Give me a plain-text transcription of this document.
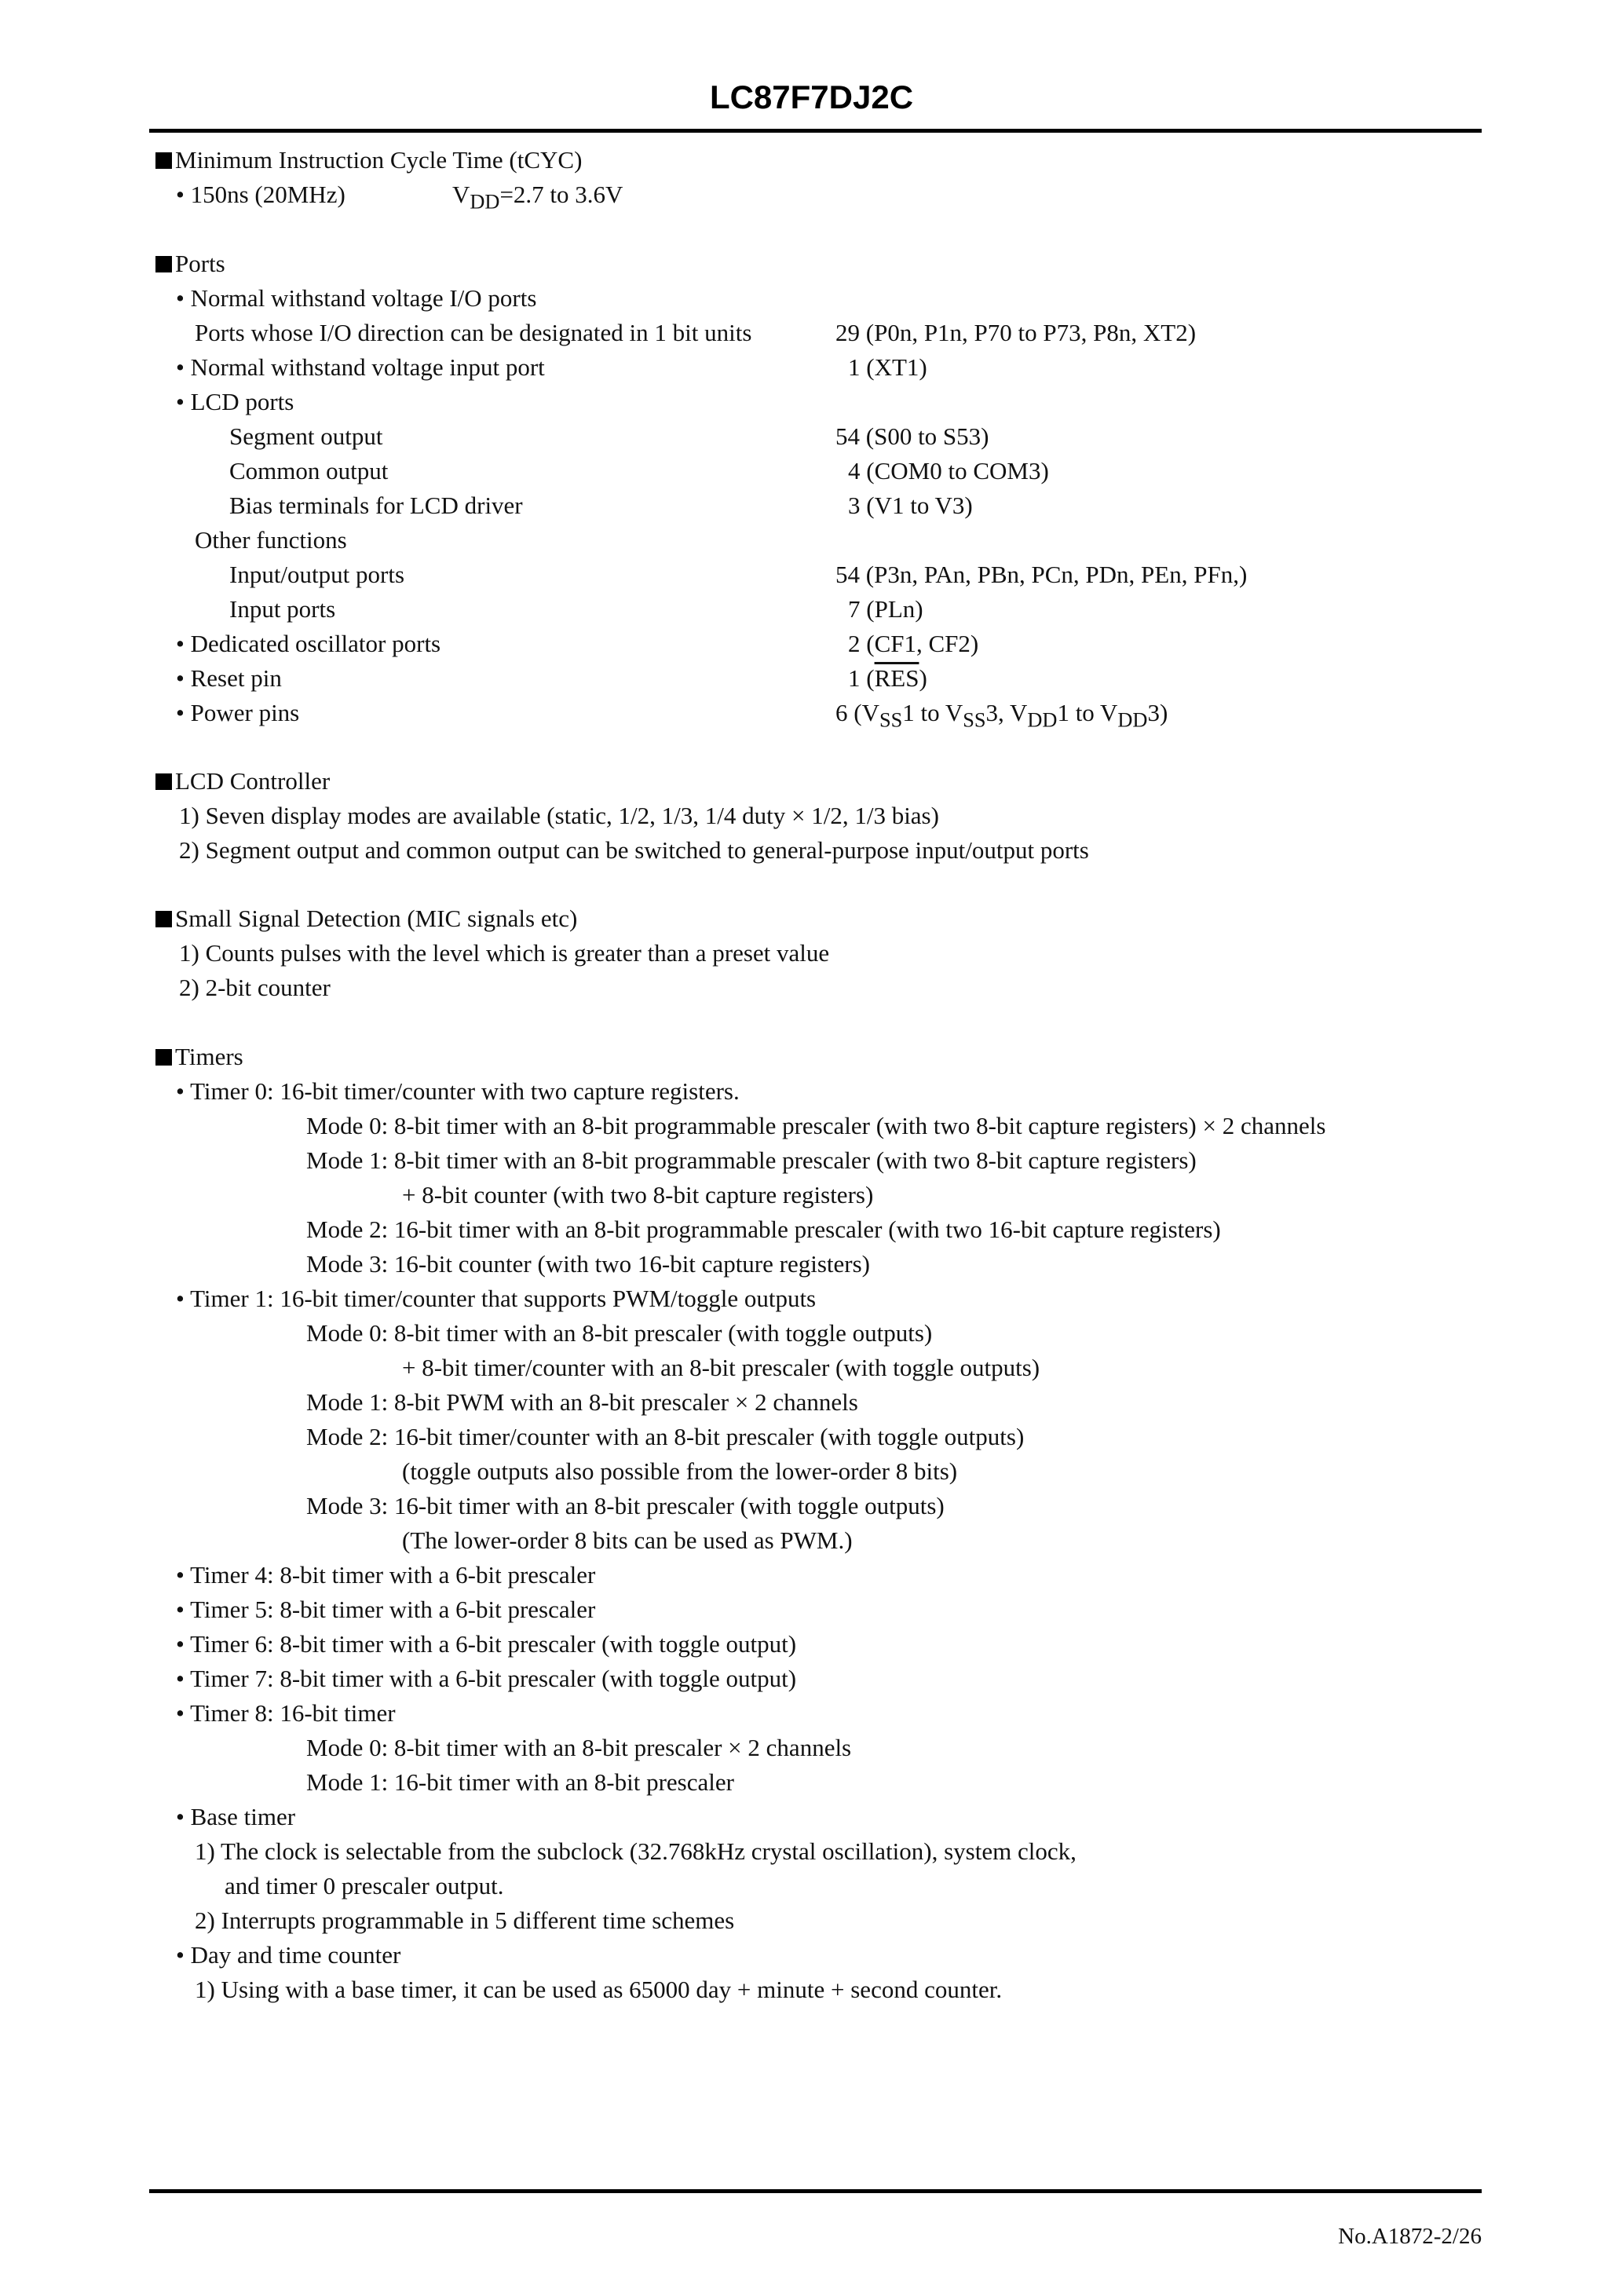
LC87F7DJ2C
Minimum Instruction Cycle Time (tCYC)
• 150ns (20MHz)	VDD=2.7 to 3.6V
Ports
• Normal withstand voltage I/O ports
Ports whose I/O direction can be designated in 1 bit units	29 (P0n, P1n, P70 to P73, P8n, XT2)
• Normal withstand voltage input port	1 (XT1)
• LCD ports
Segment output	54 (S00 to S53)
Common output	4 (COM0 to COM3)
Bias terminals for LCD driver	3 (V1 to V3)
Other functions
Input/output ports	54 (P3n, PAn, PBn, PCn, PDn, PEn, PFn,)
Input ports	7 (PLn)
• Dedicated oscillator ports	2 (CF1, CF2)
• Reset pin	1 $(\overline{RES})$
• Power pins	6 (VSS1 to VSS3, VDD1 to VDD3)
LCD Controller
1) Seven display modes are available (static, 1/2, 1/3, 1/4 duty × 1/2, 1/3 bias)
2) Segment output and common output can be switched to general-purpose input/output ports
Small Signal Detection (MIC signals etc)
1) Counts pulses with the level which is greater than a preset value
2) 2-bit counter
Timers
• Timer 0: 16-bit timer/counter with two capture registers.
Mode 0: 8-bit timer with an 8-bit programmable prescaler (with two 8-bit capture registers) × 2 channels
Mode 1: 8-bit timer with an 8-bit programmable prescaler (with two 8-bit capture registers)
+ 8-bit counter (with two 8-bit capture registers)
Mode 2: 16-bit timer with an 8-bit programmable prescaler (with two 16-bit capture registers)
Mode 3: 16-bit counter (with two 16-bit capture registers)
• Timer 1: 16-bit timer/counter that supports PWM/toggle outputs
Mode 0: 8-bit timer with an 8-bit prescaler (with toggle outputs)
+ 8-bit timer/counter with an 8-bit prescaler (with toggle outputs)
Mode 1: 8-bit PWM with an 8-bit prescaler × 2 channels
Mode 2: 16-bit timer/counter with an 8-bit prescaler (with toggle outputs)
(toggle outputs also possible from the lower-order 8 bits)
Mode 3: 16-bit timer with an 8-bit prescaler (with toggle outputs)
(The lower-order 8 bits can be used as PWM.)
• Timer 4: 8-bit timer with a 6-bit prescaler
• Timer 5: 8-bit timer with a 6-bit prescaler
• Timer 6: 8-bit timer with a 6-bit prescaler (with toggle output)
• Timer 7: 8-bit timer with a 6-bit prescaler (with toggle output)
• Timer 8: 16-bit timer
Mode 0: 8-bit timer with an 8-bit prescaler × 2 channels
Mode 1: 16-bit timer with an 8-bit prescaler
• Base timer
1) The clock is selectable from the subclock (32.768kHz crystal oscillation), system clock,
and timer 0 prescaler output.
2) Interrupts programmable in 5 different time schemes
• Day and time counter
1) Using with a base timer, it can be used as 65000 day + minute + second counter.
No.A1872-2/26
